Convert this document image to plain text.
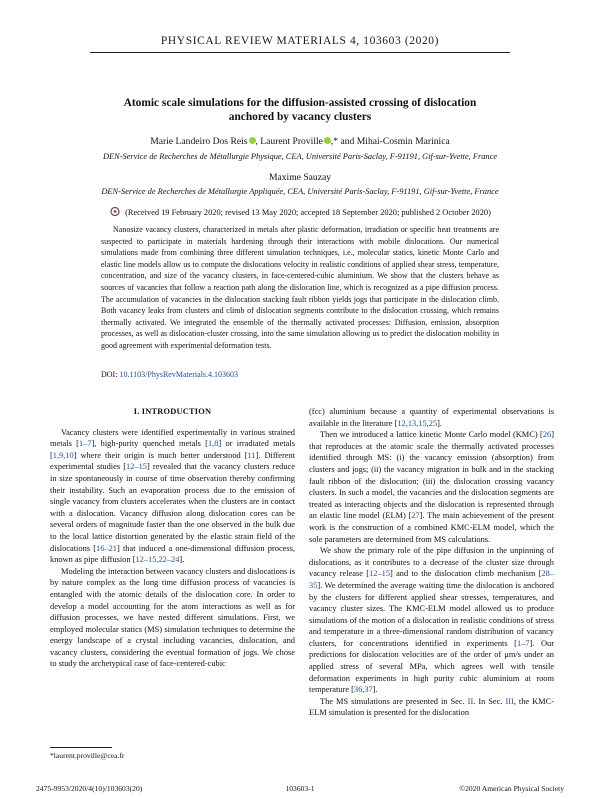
PHYSICAL REVIEW MATERIALS 4, 103603 (2020)
Atomic scale simulations for the diffusion-assisted crossing of dislocation
anchored by vacancy clusters
Marie Landeiro Dos Reis , Laurent Proville ,* and Mihai-Cosmin Marinica
DEN-Service de Recherches de Métallurgie Physique, CEA, Université Paris-Saclay, F-91191, Gif-sur-Yvette, France
Maxime Sauzay
DEN-Service de Recherches de Métallurgie Appliquée, CEA, Université Paris-Saclay, F-91191, Gif-sur-Yvette, France
(Received 19 February 2020; revised 13 May 2020; accepted 18 September 2020; published 2 October 2020)
Nanosize vacancy clusters, characterized in metals after plastic deformation, irradiation or specific heat treatments are suspected to participate in materials hardening through their interactions with mobile dislocations. Our numerical simulations made from combining three different simulation techniques, i.e., molecular statics, kinetic Monte Carlo and elastic line models allow us to compute the dislocations velocity in realistic conditions of applied shear stress, temperature, concentration, and size of the vacancy clusters, in face-centered-cubic aluminium. We show that the clusters behave as sources of vacancies that follow a reaction path along the dislocation line, which is recognized as a pipe diffusion process. The accumulation of vacancies in the dislocation stacking fault ribbon yields jogs that participate in the dislocation climb. Both vacancy leaks from clusters and climb of dislocation segments contribute to the dislocation crossing, which remains thermally activated. We integrated the ensemble of the thermally activated processes: Diffusion, emission, absorption processes, as well as dislocation-cluster crossing, into the same simulation allowing us to predict the dislocation mobility in good agreement with experimental deformation tests.
DOI: 10.1103/PhysRevMaterials.4.103603
I. INTRODUCTION

Vacancy clusters were identified experimentally in various strained metals [1–7], high-purity quenched metals [1,8] or irradiated metals [1,9,10] where their origin is much better understood [11]. Different experimental studies [12–15] revealed that the vacancy clusters reduce in size spontaneously in course of time observation thereby confirming their instability. Such an evaporation process due to the emission of single vacancy from clusters accelerates when the clusters are in contact with a dislocation. Vacancy diffusion along dislocation cores can be several orders of magnitude faster than the one observed in the bulk due to the local lattice distortion generated by the elastic strain field of the dislocations [16–21] that induced a one-dimensional diffusion process, known as pipe diffusion [12–15,22–24].

Modeling the interaction between vacancy clusters and dislocations is by nature complex as the long time diffusion process of vacancies is entangled with the atomic details of the dislocation core. In order to develop a model accounting for the atom interactions as well as for diffusion processes, we have nested different simulations. First, we employed molecular statics (MS) simulation techniques to determine the energy landscape of a crystal including vacancies, dislocation, and vacancy clusters, considering the eventual formation of jogs. We chose to study the archetypical case of face-centered-cubic

(fcc) aluminium because a quantity of experimental observations is available in the literature [12,13,15,25].

Then we introduced a lattice kinetic Monte Carlo model (KMC) [26] that reproduces at the atomic scale the thermally activated processes identified through MS: (i) the vacancy emission (absorption) from clusters and jogs; (ii) the vacancy migration in bulk and in the stacking fault ribbon of the dislocation; (iii) the dislocation crossing vacancy clusters. In such a model, the vacancies and the dislocation segments are treated as interacting objects and the dislocation is represented through an elastic line model (ELM) [27]. The main achievement of the present work is the construction of a combined KMC-ELM model, which the sole parameters are determined from MS calculations.

We show the primary role of the pipe diffusion in the unpinning of dislocations, as it contributes to a decrease of the cluster size through vacancy release [12–15] and to the dislocation climb mechanism [28–35]. We determined the average waiting time the dislocation is anchored by the clusters for different applied shear stresses, temperatures, and vacancy cluster sizes. The KMC-ELM model allowed us to produce simulations of the motion of a dislocation in realistic conditions of stress and temperature in a three-dimensional random distribution of vacancy clusters, for concentrations identified in experiments [1–7]. Our predictions for dislocation velocities are of the order of μm/s under an applied stress of several MPa, which agrees well with tensile deformation experiments in high purity cubic aluminium at room temperature [36,37].

The MS simulations are presented in Sec. II. In Sec. III, the KMC-ELM simulation is presented for the dislocation

*laurent.proville@cea.fr
2475-9953/2020/4(10)/103603(20)	103603-1	©2020 American Physical Society
